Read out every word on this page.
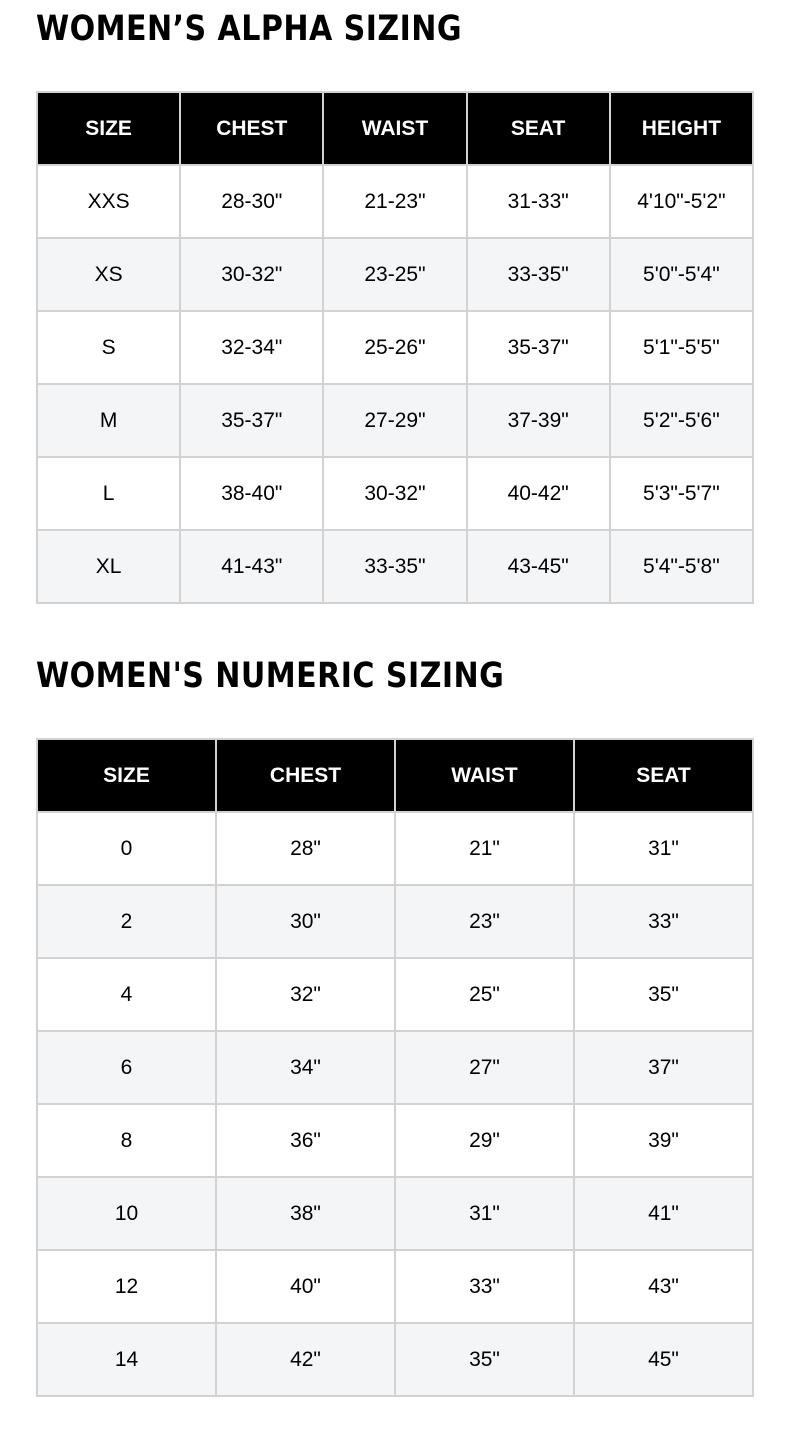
WOMEN’S ALPHA SIZING
SIZE	CHEST	WAIST	SEAT	HEIGHT
XXS	28-30"	21-23"	31-33"	4'10"-5'2"
XS	30-32"	23-25"	33-35"	5'0"-5'4"
S	32-34"	25-26"	35-37"	5'1"-5'5"
M	35-37"	27-29"	37-39"	5'2"-5'6"
L	38-40"	30-32"	40-42"	5'3"-5'7"
XL	41-43"	33-35"	43-45"	5'4"-5'8"
WOMEN'S NUMERIC SIZING
SIZE	CHEST	WAIST	SEAT
0	28"	21"	31"
2	30"	23"	33"
4	32"	25"	35"
6	34"	27"	37"
8	36"	29"	39"
10	38"	31"	41"
12	40"	33"	43"
14	42"	35"	45"
